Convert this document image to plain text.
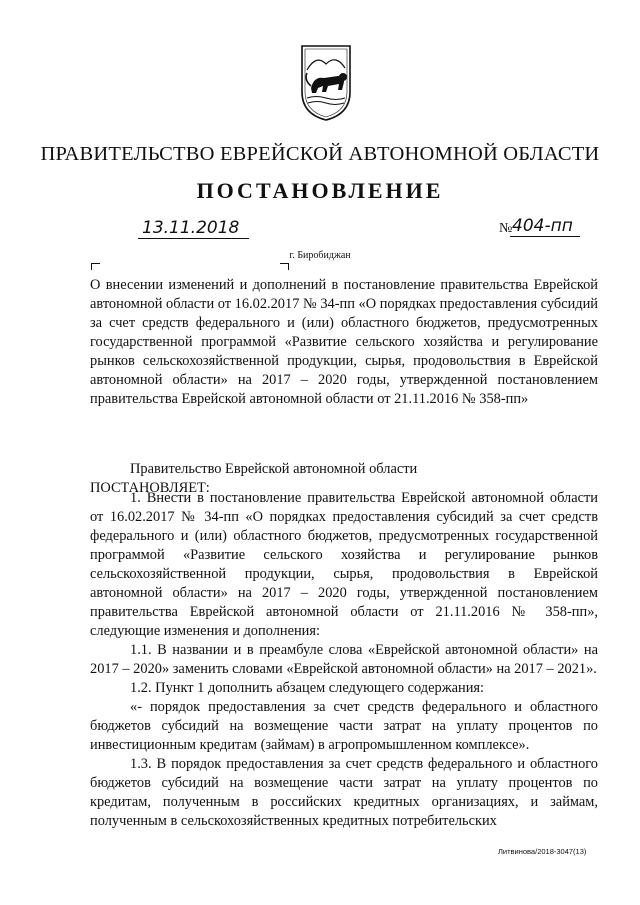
ПРАВИТЕЛЬСТВО ЕВРЕЙСКОЙ АВТОНОМНОЙ ОБЛАСТИ
ПОСТАНОВЛЕНИЕ
13.11.2018	№ 404-пп
г. Биробиджан
О внесении изменений и дополнений в постановление правительства Еврейской автономной области от 16.02.2017 № 34-пп «О порядках предоставления субсидий за счет средств федерального и (или) областного бюджетов, предусмотренных государственной программой «Развитие сельского хозяйства и регулирование рынков сельскохозяйственной продукции, сырья, продовольствия в Еврейской автономной области» на 2017 – 2020 годы, утвержденной постановлением правительства Еврейской автономной области от 21.11.2016 № 358-пп»
Правительство Еврейской автономной области
ПОСТАНОВЛЯЕТ:

1. Внести в постановление правительства Еврейской автономной области от 16.02.2017 № 34-пп «О порядках предоставления субсидий за счет средств федерального и (или) областного бюджетов, предусмотренных государственной программой «Развитие сельского хозяйства и регулирование рынков сельскохозяйственной продукции, сырья, продовольствия в Еврейской автономной области» на 2017 – 2020 годы, утвержденной постановлением правительства Еврейской автономной области от 21.11.2016 № 358-пп», следующие изменения и дополнения:

1.1. В названии и в преамбуле слова «Еврейской автономной области» на 2017 – 2020» заменить словами «Еврейской автономной области» на 2017 – 2021».

1.2. Пункт 1 дополнить абзацем следующего содержания:

«- порядок предоставления за счет средств федерального и областного бюджетов субсидий на возмещение части затрат на уплату процентов по инвестиционным кредитам (займам) в агропромышленном комплексе».

1.3. В порядок предоставления за счет средств федерального и областного бюджетов субсидий на возмещение части затрат на уплату процентов по кредитам, полученным в российских кредитных организациях, и займам, полученным в сельскохозяйственных кредитных потребительских

Литвинова/2018-3047(13)
